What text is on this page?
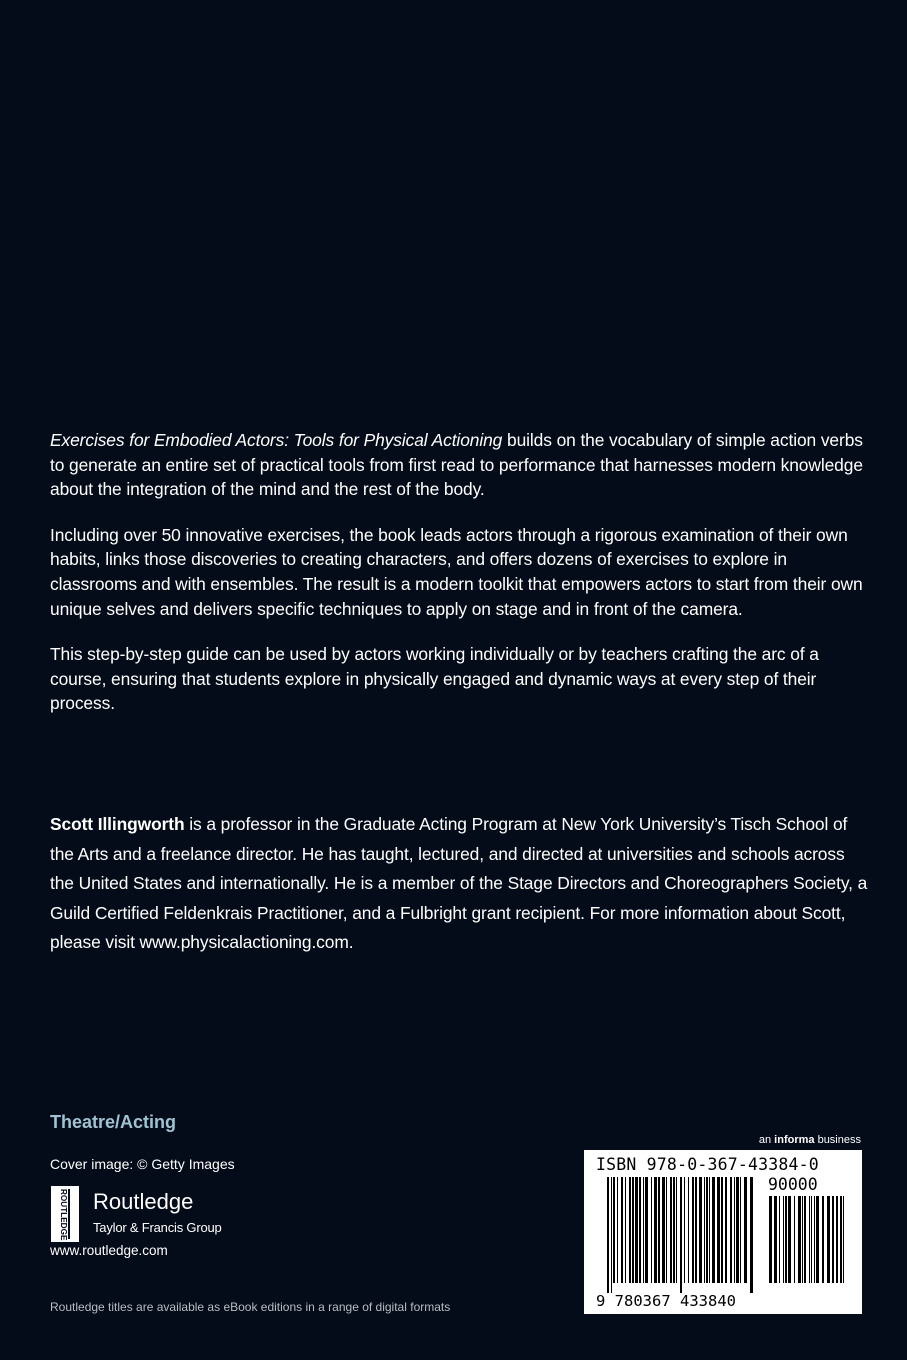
Exercises for Embodied Actors: Tools for Physical Actioning builds on the vocabulary of simple action verbs to generate an entire set of practical tools from first read to performance that harnesses modern knowledge about the integration of the mind and the rest of the body.

Including over 50 innovative exercises, the book leads actors through a rigorous examination of their own habits, links those discoveries to creating characters, and offers dozens of exercises to explore in classrooms and with ensembles. The result is a modern toolkit that empowers actors to start from their own unique selves and delivers specific techniques to apply on stage and in front of the camera.

This step-by-step guide can be used by actors working individually or by teachers crafting the arc of a course, ensuring that students explore in physically engaged and dynamic ways at every step of their process.

Scott Illingworth is a professor in the Graduate Acting Program at New York University’s Tisch School of the Arts and a freelance director. He has taught, lectured, and directed at universities and schools across the United States and internationally. He is a member of the Stage Directors and Choreographers Society, a Guild Certified Feldenkrais Practitioner, and a Fulbright grant recipient. For more information about Scott, please visit www.physicalactioning.com.

Theatre/Acting

Cover image: © Getty Images

ROUTLEDGE Routledge

Taylor & Francis Group

www.routledge.com

Routledge titles are available as eBook editions in a range of digital formats

an informa business

ISBN 978-0-367-43384-0

90000

9 780367 433840
